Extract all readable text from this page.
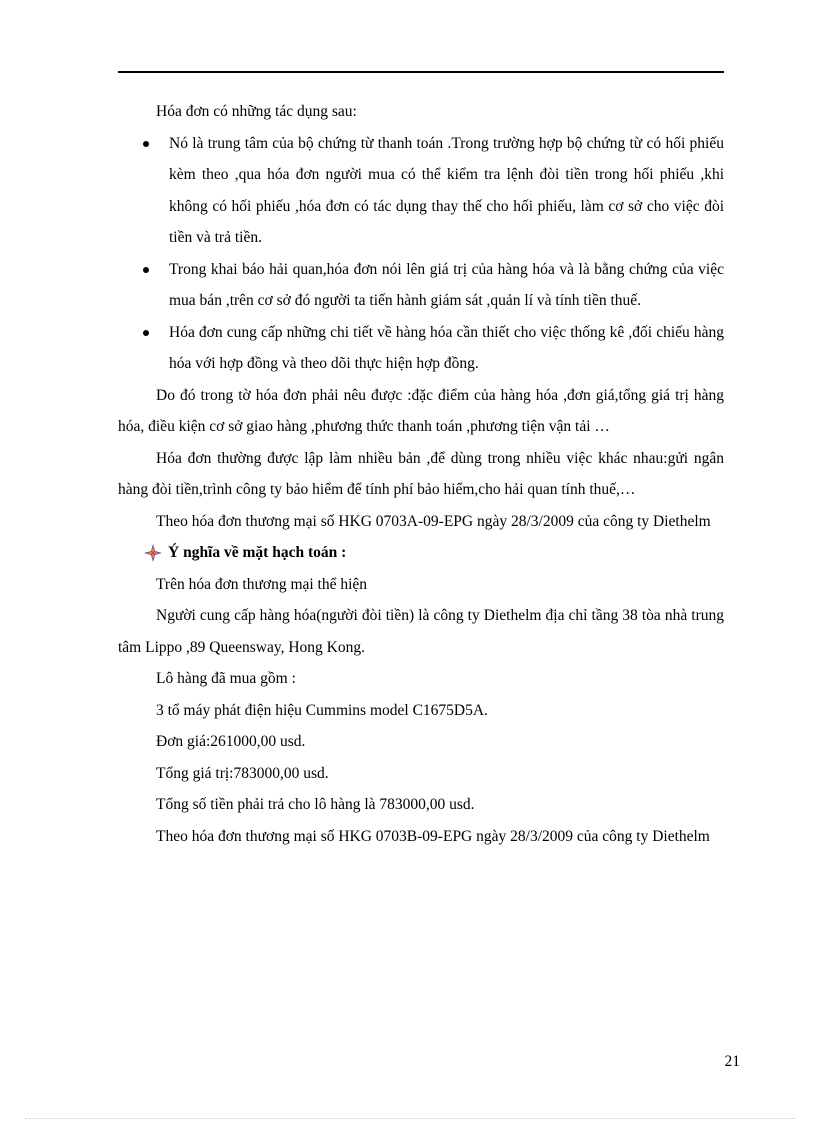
Hóa đơn có những tác dụng sau:

Nó là trung tâm của bộ chứng từ thanh toán .Trong trường hợp bộ chứng từ có hối phiếu kèm theo ,qua hóa đơn người mua có thể kiểm tra lệnh đòi tiền trong hối phiếu ,khi không có hối phiếu ,hóa đơn có tác dụng thay thế cho hối phiếu, làm cơ sở cho việc đòi tiền và trả tiền.

Trong khai báo hải quan,hóa đơn nói lên giá trị của hàng hóa và là bằng chứng của việc mua bán ,trên cơ sở đó người ta tiến hành giám sát ,quản lí và tính tiền thuế.

Hóa đơn cung cấp những chi tiết về hàng hóa cần thiết cho việc thống kê ,đối chiếu hàng hóa với hợp đồng và theo dõi thực hiện hợp đồng.

Do đó trong tờ hóa đơn phải nêu được :đặc điểm của hàng hóa ,đơn giá,tổng giá trị hàng hóa, điều kiện cơ sở giao hàng ,phương thức thanh toán ,phương tiện vận tải …

Hóa đơn thường được lập làm nhiều bản ,để dùng trong nhiều việc khác nhau:gửi ngân hàng đòi tiền,trình công ty bảo hiểm để tính phí bảo hiểm,cho hải quan tính thuế,…

Theo hóa đơn thương mại số HKG 0703A-09-EPG ngày 28/3/2009 của công ty Diethelm

Ý nghĩa về mặt hạch toán :

Trên hóa đơn thương mại thể hiện

Người cung cấp hàng hóa(người đòi tiền) là công ty Diethelm địa chỉ tầng 38 tòa nhà trung tâm Lippo ,89 Queensway, Hong Kong.

Lô hàng đã mua gồm :

3 tổ máy phát điện hiệu Cummins model C1675D5A.

Đơn giá:261000,00 usd.

Tổng giá trị:783000,00 usd.

Tổng số tiền phải trả cho lô hàng là 783000,00 usd.

Theo hóa đơn thương mại số HKG 0703B-09-EPG ngày 28/3/2009 của công ty Diethelm

21
